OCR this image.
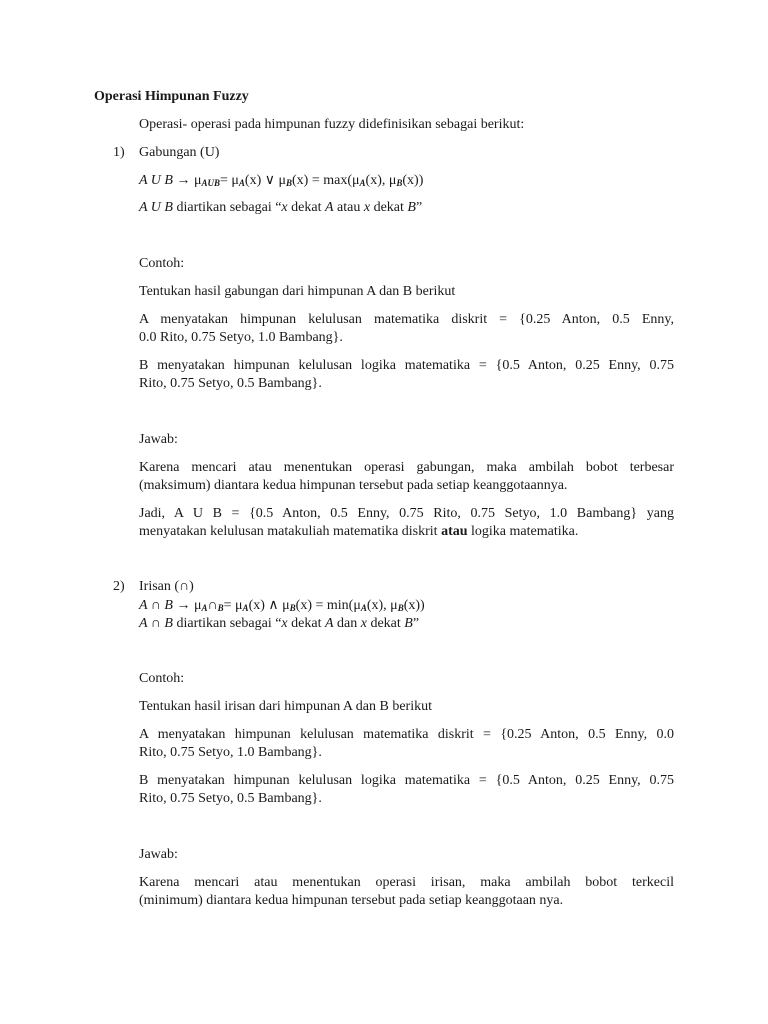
Operasi Himpunan Fuzzy
Operasi- operasi pada himpunan fuzzy didefinisikan sebagai berikut:
1) Gabungan (U)
A U $B \to \mu_{AUB}= \mu_A(x)$ ∨ $\mu_B(x) = \max(\mu_A(x)$, $\mu_B(x)$)
A U B diartikan sebagai “x dekat A atau x dekat B”
Contoh:
Tentukan hasil gabungan dari himpunan A dan B berikut
A menyatakan himpunan kelulusan matematika diskrit = {0.25 Anton, 0.5 Enny,
0.0 Rito, 0.75 Setyo, 1.0 Bambang}.
B menyatakan himpunan kelulusan logika matematika = {0.5 Anton, 0.25 Enny, 0.75
Rito, 0.75 Setyo, 0.5 Bambang}.
Jawab:
Karena mencari atau menentukan operasi gabungan, maka ambilah bobot terbesar
(maksimum) diantara kedua himpunan tersebut pada setiap keanggotaannya.
Jadi, A U B = {0.5 Anton, 0.5 Enny, 0.75 Rito, 0.75 Setyo, 1.0 Bambang} yang
menyatakan kelulusan matakuliah matematika diskrit atau logika matematika.
2) Irisan (∩)
A ∩ $B \to \mu_A\cap_B= \mu_A(x)$ ∧ $\mu_B(x) = \min(\mu_A(x)$, $\mu_B(x)$)
A ∩ B diartikan sebagai “x dekat A dan x dekat B”
Contoh:
Tentukan hasil irisan dari himpunan A dan B berikut
A menyatakan himpunan kelulusan matematika diskrit = {0.25 Anton, 0.5 Enny, 0.0
Rito, 0.75 Setyo, 1.0 Bambang}.
B menyatakan himpunan kelulusan logika matematika = {0.5 Anton, 0.25 Enny, 0.75
Rito, 0.75 Setyo, 0.5 Bambang}.
Jawab:
Karena mencari atau menentukan operasi irisan, maka ambilah bobot terkecil
(minimum) diantara kedua himpunan tersebut pada setiap keanggotaan nya.
